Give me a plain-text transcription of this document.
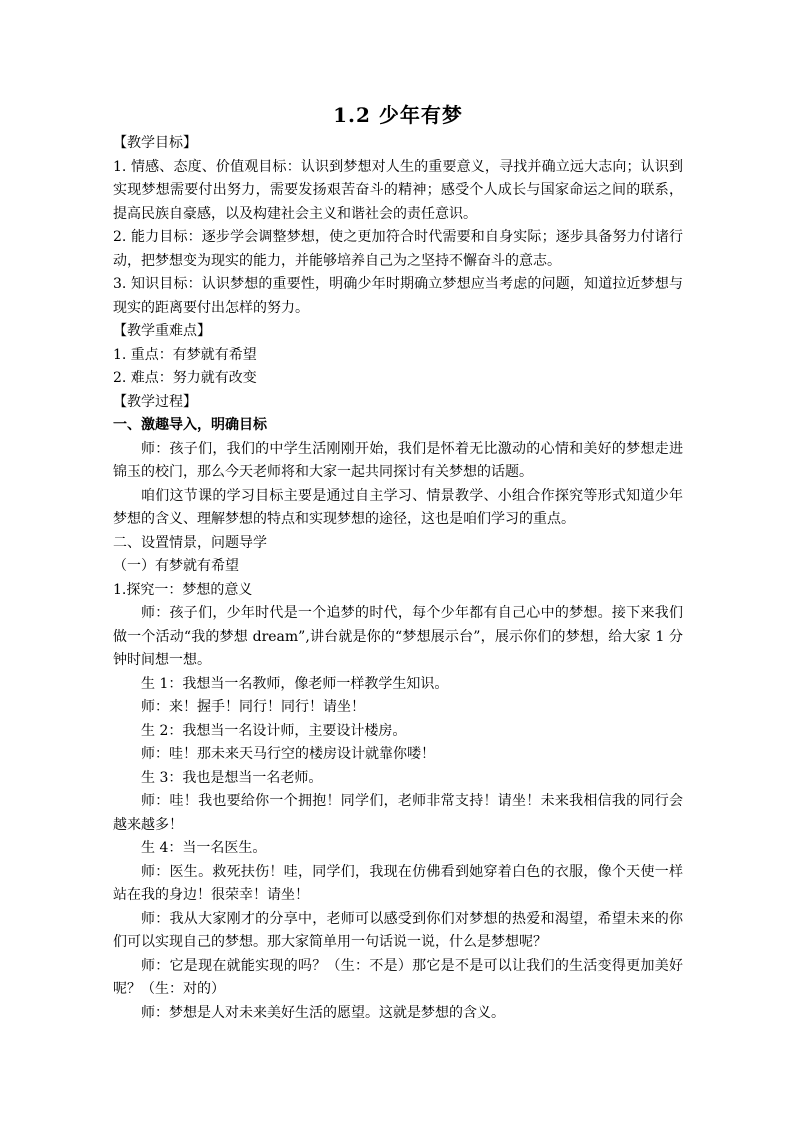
1.2 少年有梦

【教学目标】

1. 情感、态度、价值观目标：认识到梦想对人生的重要意义，寻找并确立远大志向；认识到实现梦想需要付出努力，需要发扬艰苦奋斗的精神；感受个人成长与国家命运之间的联系，提高民族自豪感，以及构建社会主义和谐社会的责任意识。

2. 能力目标：逐步学会调整梦想，使之更加符合时代需要和自身实际；逐步具备努力付诸行动，把梦想变为现实的能力，并能够培养自己为之坚持不懈奋斗的意志。

3. 知识目标：认识梦想的重要性，明确少年时期确立梦想应当考虑的问题，知道拉近梦想与现实的距离要付出怎样的努力。

【教学重难点】

1. 重点：有梦就有希望

2. 难点：努力就有改变

【教学过程】

一、激趣导入，明确目标

师：孩子们，我们的中学生活刚刚开始，我们是怀着无比激动的心情和美好的梦想走进锦玉的校门，那么今天老师将和大家一起共同探讨有关梦想的话题。

咱们这节课的学习目标主要是通过自主学习、情景教学、小组合作探究等形式知道少年梦想的含义、理解梦想的特点和实现梦想的途径，这也是咱们学习的重点。

二、设置情景，问题导学

（一）有梦就有希望

1.探究一：梦想的意义

师：孩子们，少年时代是一个追梦的时代，每个少年都有自己心中的梦想。接下来我们做一个活动“我的梦想 dream”,讲台就是你的“梦想展示台”，展示你们的梦想，给大家 1 分钟时间想一想。

生 1：我想当一名教师，像老师一样教学生知识。

师：来！握手！同行！同行！请坐！

生 2：我想当一名设计师，主要设计楼房。

师：哇！那未来天马行空的楼房设计就靠你喽！

生 3：我也是想当一名老师。

师：哇！我也要给你一个拥抱！同学们，老师非常支持！请坐！未来我相信我的同行会越来越多！

生 4：当一名医生。

师：医生。救死扶伤！哇，同学们，我现在仿佛看到她穿着白色的衣服，像个天使一样站在我的身边！很荣幸！请坐！

师：我从大家刚才的分享中，老师可以感受到你们对梦想的热爱和渴望，希望未来的你们可以实现自己的梦想。那大家简单用一句话说一说，什么是梦想呢？

师：它是现在就能实现的吗？（生：不是）那它是不是可以让我们的生活变得更加美好呢？（生：对的）

师：梦想是人对未来美好生活的愿望。这就是梦想的含义。
